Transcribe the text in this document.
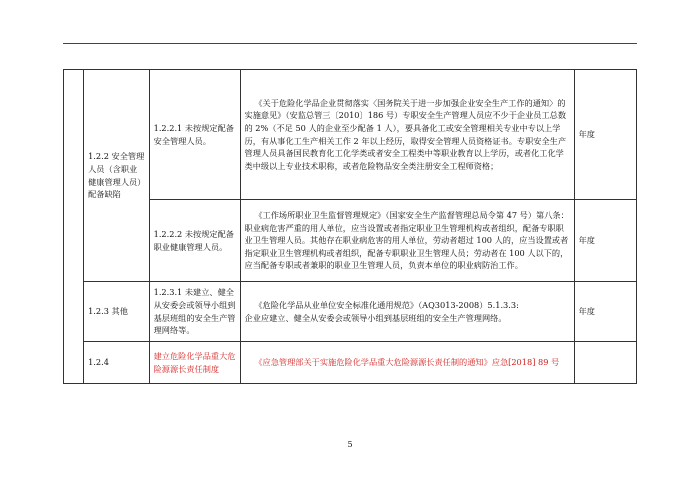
	1.2.2 安全管理人员（含职业健康管理人员）配备缺陷	1.2.2.1 未按规定配备安全管理人员。	《关于危险化学品企业贯彻落实〈国务院关于进一步加强企业安全生产工作的通知〉的实施意见》（安监总管三〔2010〕186 号）专职安全生产管理人员应不少于企业员工总数的 2%（不足 50 人的企业至少配备 1 人），要具备化工或安全管理相关专业中专以上学历，有从事化工生产相关工作 2 年以上经历，取得安全管理人员资格证书。专职安全生产管理人员具备国民教育化工化学类或者安全工程类中等职业教育以上学历，或者化工化学类中级以上专业技术职称，或者危险物品安全类注册安全工程师资格；	年度
		1.2.2.2 未按规定配备职业健康管理人员。	《工作场所职业卫生监督管理规定》（国家安全生产监督管理总局令第 47 号）第八条：职业病危害严重的用人单位，应当设置或者指定职业卫生管理机构或者组织，配备专职职业卫生管理人员。其他存在职业病危害的用人单位，劳动者超过 100 人的，应当设置或者指定职业卫生管理机构或者组织，配备专职职业卫生管理人员；劳动者在 100 人以下的，应当配备专职或者兼职的职业卫生管理人员，负责本单位的职业病防治工作。	年度
	1.2.3 其他	1.2.3.1 未建立、健全从安委会或领导小组到基层班组的安全生产管理网络等。	《危险化学品从业单位安全标准化通用规范》（AQ3013-2008）5.1.3.3:
企业应建立、健全从安委会或领导小组到基层班组的安全生产管理网络。	年度
	1.2.4	建立危险化学品重大危险源源长责任制度	《应急管理部关于实施危险化学品重大危险源源长责任制的通知》应急[2018] 89 号	
5
